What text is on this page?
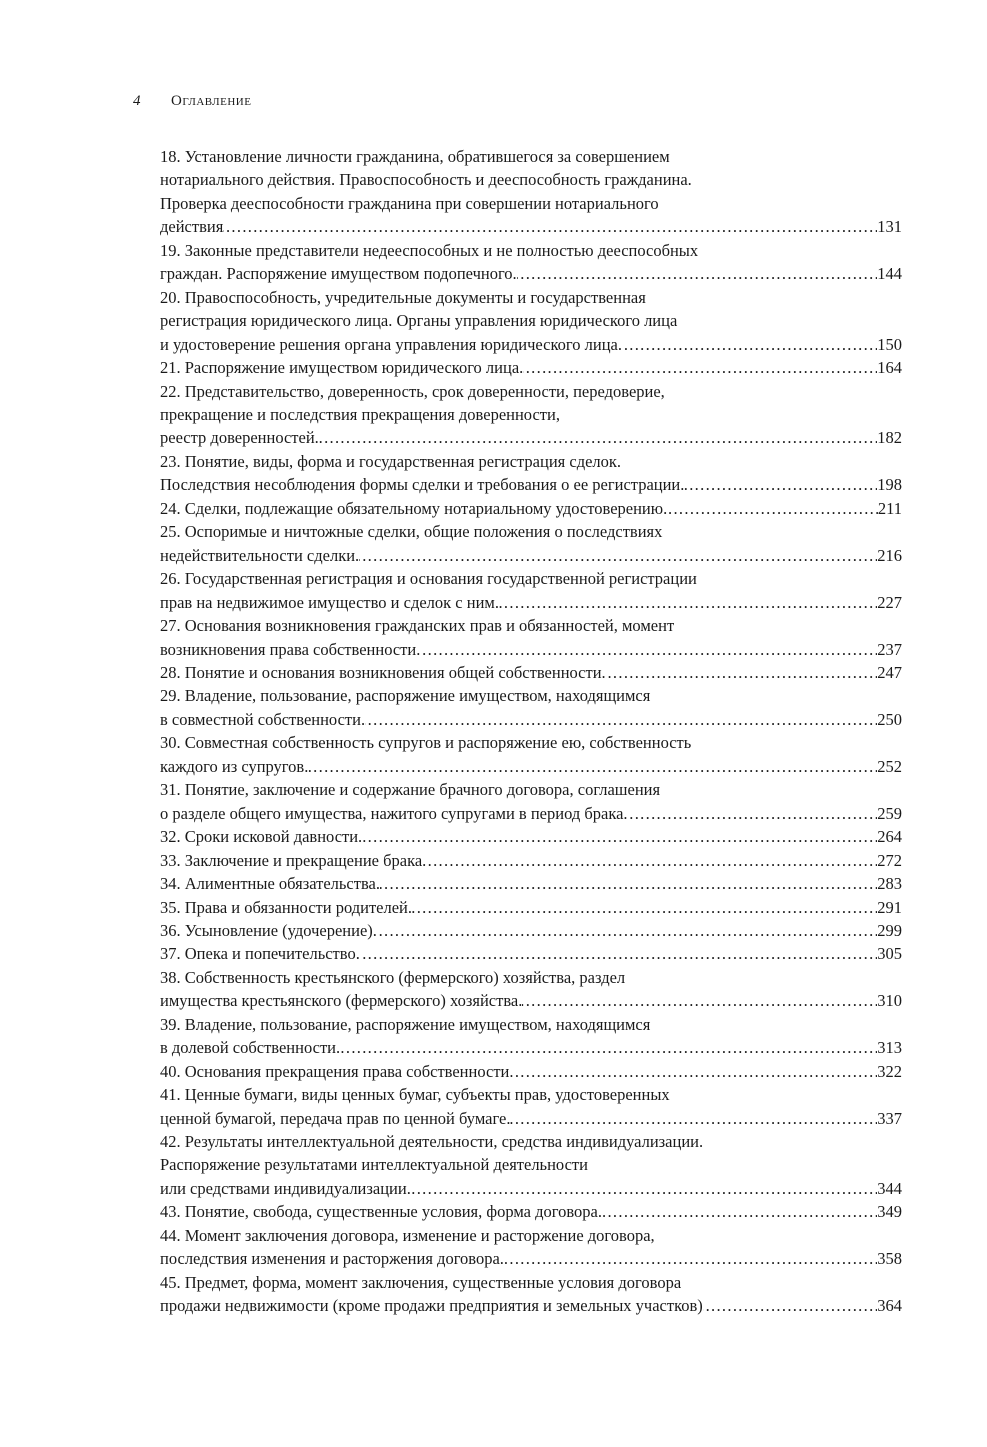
4 Оглавление
18. Установление личности гражданина, обратившегося за совершением
нотариального действия. Правоспособность и дееспособность гражданина.
Проверка дееспособности гражданина при совершении нотариального
действия . . .	131
19. Законные представители недееспособных и не полностью дееспособных
граждан. Распоряжение имуществом подопечного. . . .	144
20. Правоспособность, учредительные документы и государственная
регистрация юридического лица. Органы управления юридического лица
и удостоверение решения органа управления юридического лица. . . .	150
21. Распоряжение имуществом юридического лица. . . .	164
22. Представительство, доверенность, срок доверенности, передоверие,
прекращение и последствия прекращения доверенности,
реестр доверенностей. . . .	182
23. Понятие, виды, форма и государственная регистрация сделок.
Последствия несоблюдения формы сделки и требования о ее регистрации. . . .	198
24. Сделки, подлежащие обязательному нотариальному удостоверению. . . .	211
25. Оспоримые и ничтожные сделки, общие положения о последствиях
недействительности сделки. . . .	216
26. Государственная регистрация и основания государственной регистрации
прав на недвижимое имущество и сделок с ним. . . .	227
27. Основания возникновения гражданских прав и обязанностей, момент
возникновения права собственности. . . .	237
28. Понятие и основания возникновения общей собственности. . . .	247
29. Владение, пользование, распоряжение имуществом, находящимся
в совместной собственности. . . .	250
30. Совместная собственность супругов и распоряжение ею, собственность
каждого из супругов. . . .	252
31. Понятие, заключение и содержание брачного договора, соглашения
о разделе общего имущества, нажитого супругами в период брака. . . .	259
32. Сроки исковой давности. . . .	264
33. Заключение и прекращение брака. . . .	272
34. Алиментные обязательства. . . .	283
35. Права и обязанности родителей. . . .	291
36. Усыновление (удочерение). . . .	299
37. Опека и попечительство. . . .	305
38. Собственность крестьянского (фермерского) хозяйства, раздел
имущества крестьянского (фермерского) хозяйства. . . .	310
39. Владение, пользование, распоряжение имуществом, находящимся
в долевой собственности. . . .	313
40. Основания прекращения права собственности. . . .	322
41. Ценные бумаги, виды ценных бумаг, субъекты прав, удостоверенных
ценной бумагой, передача прав по ценной бумаге. . . .	337
42. Результаты интеллектуальной деятельности, средства индивидуализации.
Распоряжение результатами интеллектуальной деятельности
или средствами индивидуализации. . . .	344
43. Понятие, свобода, существенные условия, форма договора. . . .	349
44. Момент заключения договора, изменение и расторжение договора,
последствия изменения и расторжения договора. . . .	358
45. Предмет, форма, момент заключения, существенные условия договора
продажи недвижимости (кроме продажи предприятия и земельных участков) . . .	364
